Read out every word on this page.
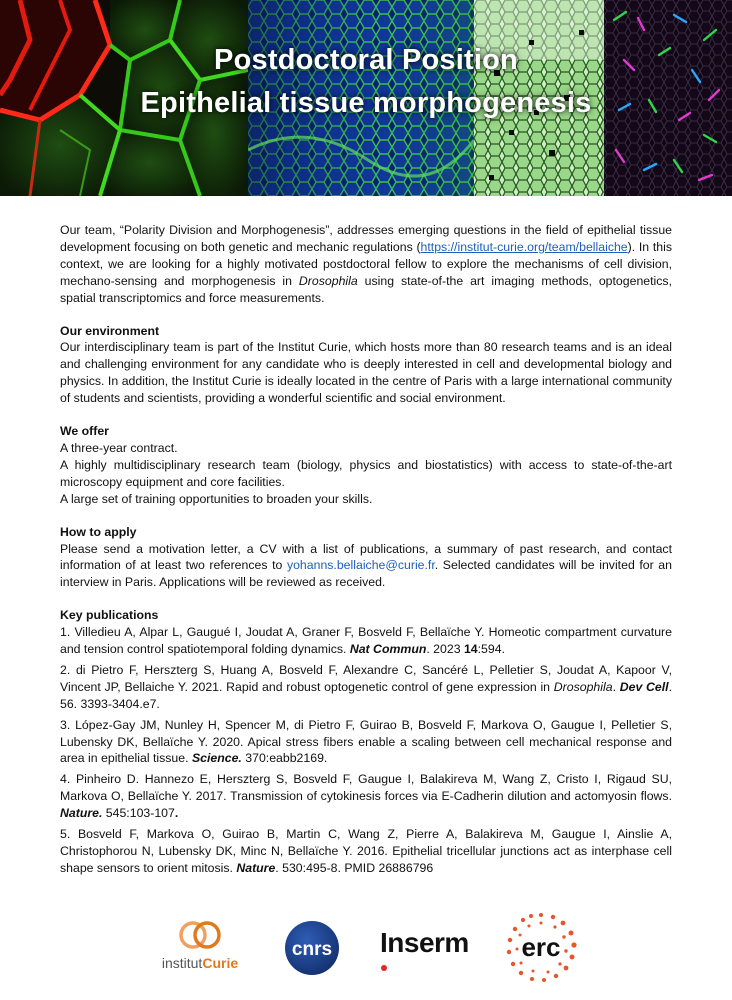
Postdoctoral Position
Epithelial tissue morphogenesis

Our team, “Polarity Division and Morphogenesis”, addresses emerging questions in the field of epithelial tissue development focusing on both genetic and mechanic regulations (https://institut-curie.org/team/bellaiche). In this context, we are looking for a highly motivated postdoctoral fellow to explore the mechanisms of cell division, mechano-sensing and morphogenesis in Drosophila using state-of-the art imaging methods, optogenetics, spatial transcriptomics and force measurements.

Our environment

Our interdisciplinary team is part of the Institut Curie, which hosts more than 80 research teams and is an ideal and challenging environment for any candidate who is deeply interested in cell and developmental biology and physics. In addition, the Institut Curie is ideally located in the centre of Paris with a large international community of students and scientists, providing a wonderful scientific and social environment.

We offer

A three-year contract.

A highly multidisciplinary research team (biology, physics and biostatistics) with access to state-of-the-art microscopy equipment and core facilities.

A large set of training opportunities to broaden your skills.

How to apply

Please send a motivation letter, a CV with a list of publications, a summary of past research, and contact information of at least two references to yohanns.bellaiche@curie.fr. Selected candidates will be invited for an interview in Paris. Applications will be reviewed as received.

Key publications

1. Villedieu A, Alpar L, Gaugué I, Joudat A, Graner F, Bosveld F, Bellaïche Y. Homeotic compartment curvature and tension control spatiotemporal folding dynamics. Nat Commun. 2023 14:594.

2. di Pietro F, Herszterg S, Huang A, Bosveld F, Alexandre C, Sancéré L, Pelletier S, Joudat A, Kapoor V, Vincent JP, Bellaiche Y. 2021. Rapid and robust optogenetic control of gene expression in Drosophila. Dev Cell. 56. 3393-3404.e7.

3. López-Gay JM, Nunley H, Spencer M, di Pietro F, Guirao B, Bosveld F, Markova O, Gaugue I, Pelletier S, Lubensky DK, Bellaïche Y. 2020. Apical stress fibers enable a scaling between cell mechanical response and area in epithelial tissue. Science. 370:eabb2169.

4. Pinheiro D. Hannezo E, Herszterg S, Bosveld F, Gaugue I, Balakireva M, Wang Z, Cristo I, Rigaud SU, Markova O, Bellaïche Y. 2017. Transmission of cytokinesis forces via E-Cadherin dilution and actomyosin flows. Nature. 545:103-107.

5. Bosveld F, Markova O, Guirao B, Martin C, Wang Z, Pierre A, Balakireva M, Gaugue I, Ainslie A, Christophorou N, Lubensky DK, Minc N, Bellaïche Y. 2016. Epithelial tricellular junctions act as interphase cell shape sensors to orient mitosis. Nature. 530:495-8. PMID 26886796

institutCurie
cnrs Inserm erc
